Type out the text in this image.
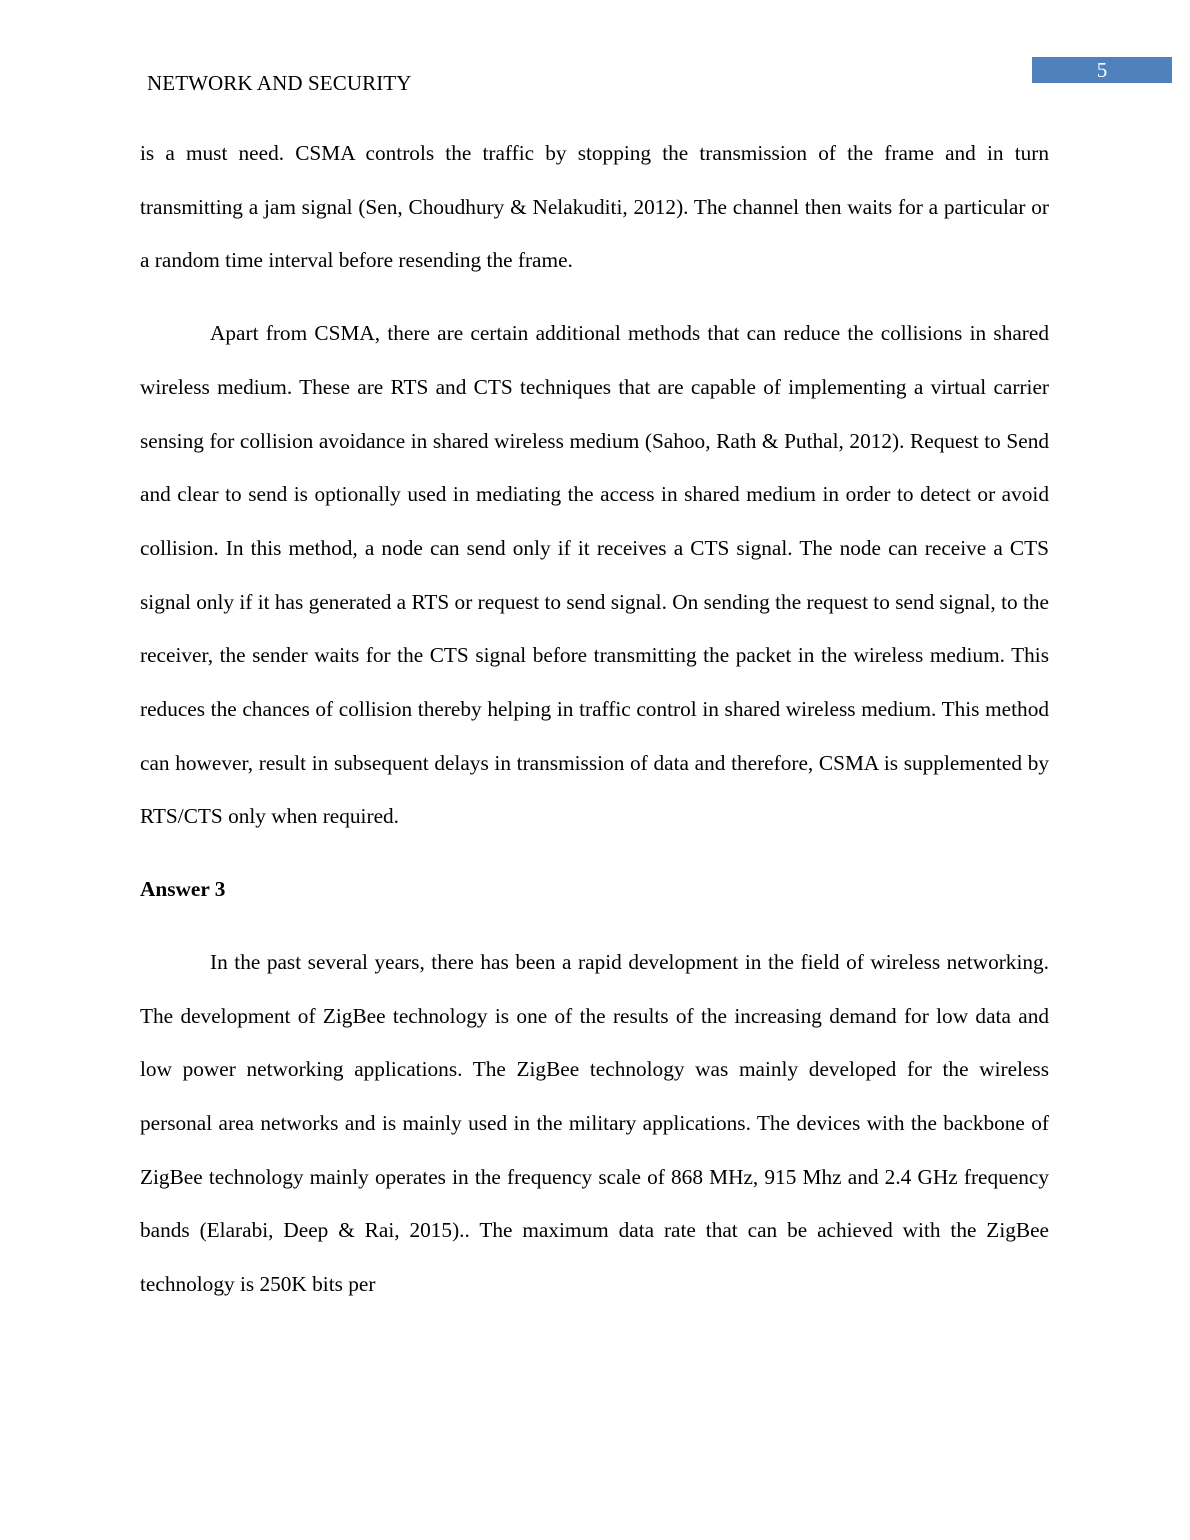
5
NETWORK AND SECURITY

is a must need. CSMA controls the traffic by stopping the transmission of the frame and in turn transmitting a jam signal (Sen, Choudhury & Nelakuditi, 2012). The channel then waits for a particular or a random time interval before resending the frame.

Apart from CSMA, there are certain additional methods that can reduce the collisions in shared wireless medium. These are RTS and CTS techniques that are capable of implementing a virtual carrier sensing for collision avoidance in shared wireless medium (Sahoo, Rath & Puthal, 2012). Request to Send and clear to send is optionally used in mediating the access in shared medium in order to detect or avoid collision. In this method, a node can send only if it receives a CTS signal. The node can receive a CTS signal only if it has generated a RTS or request to send signal. On sending the request to send signal, to the receiver, the sender waits for the CTS signal before transmitting the packet in the wireless medium. This reduces the chances of collision thereby helping in traffic control in shared wireless medium. This method can however, result in subsequent delays in transmission of data and therefore, CSMA is supplemented by RTS/CTS only when required.

Answer 3

In the past several years, there has been a rapid development in the field of wireless networking. The development of ZigBee technology is one of the results of the increasing demand for low data and low power networking applications. The ZigBee technology was mainly developed for the wireless personal area networks and is mainly used in the military applications. The devices with the backbone of ZigBee technology mainly operates in the frequency scale of 868 MHz, 915 Mhz and 2.4 GHz frequency bands (Elarabi, Deep & Rai, 2015).. The maximum data rate that can be achieved with the ZigBee technology is 250K bits per
